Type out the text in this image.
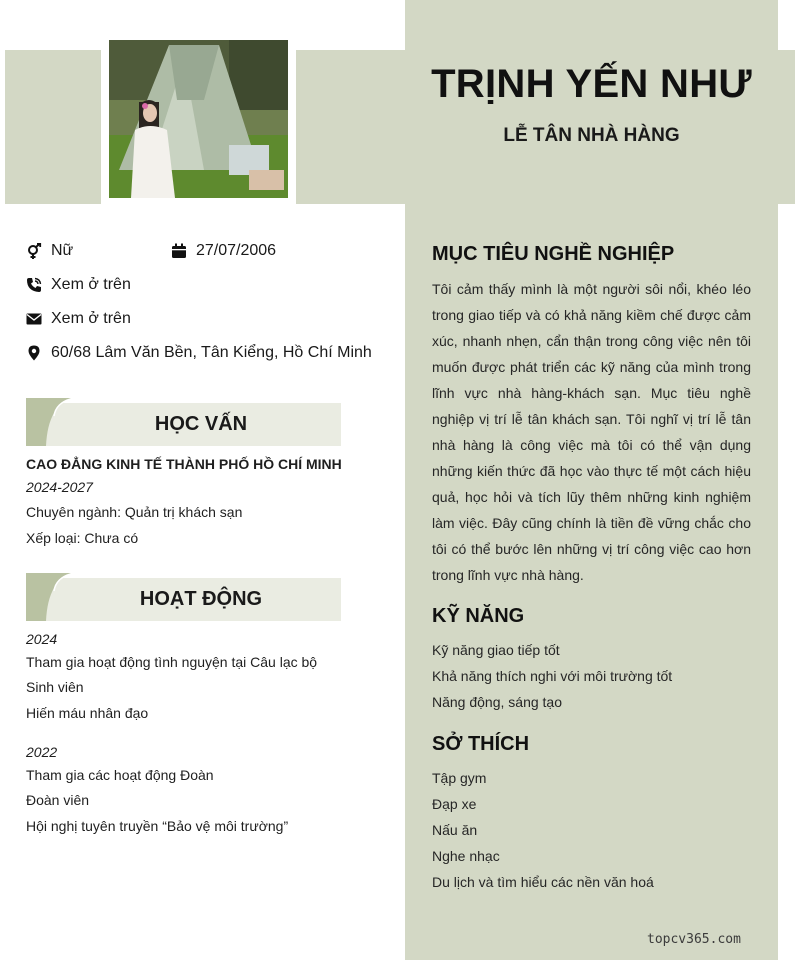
TRỊNH YẾN NHƯ
LỄ TÂN NHÀ HÀNG
Nữ	27/07/2006
Xem ở trên
Xem ở trên
60/68 Lâm Văn Bền, Tân Kiểng, Hồ Chí Minh
HỌC VẤN
CAO ĐẲNG KINH TẾ THÀNH PHỐ HỒ CHÍ MINH
2024-2027
Chuyên ngành: Quản trị khách sạn
Xếp loại: Chưa có
HOẠT ĐỘNG
2024
Tham gia hoạt động tình nguyện tại Câu lạc bộ
Sinh viên
Hiến máu nhân đạo
2022
Tham gia các hoạt động Đoàn
Đoàn viên
Hội nghị tuyên truyền “Bảo vệ môi trường”
MỤC TIÊU NGHỀ NGHIỆP
Tôi cảm thấy mình là một người sôi nổi, khéo léo trong giao tiếp và có khả năng kiềm chế được cảm xúc, nhanh nhẹn, cẩn thận trong công việc nên tôi muốn được phát triển các kỹ năng của mình trong lĩnh vực nhà hàng-khách sạn. Mục tiêu nghề nghiệp vị trí lễ tân khách sạn. Tôi nghĩ vị trí lễ tân nhà hàng là công việc mà tôi có thể vận dụng những kiến thức đã học vào thực tế một cách hiệu quả, học hỏi và tích lũy thêm những kinh nghiệm làm việc. Đây cũng chính là tiền đề vững chắc cho tôi có thể bước lên những vị trí công việc cao hơn trong lĩnh vực nhà hàng.
KỸ NĂNG
Kỹ năng giao tiếp tốt
Khả năng thích nghi với môi trường tốt
Năng động, sáng tạo
SỞ THÍCH
Tập gym
Đạp xe
Nấu ăn
Nghe nhạc
Du lịch và tìm hiểu các nền văn hoá
topcv365.com
